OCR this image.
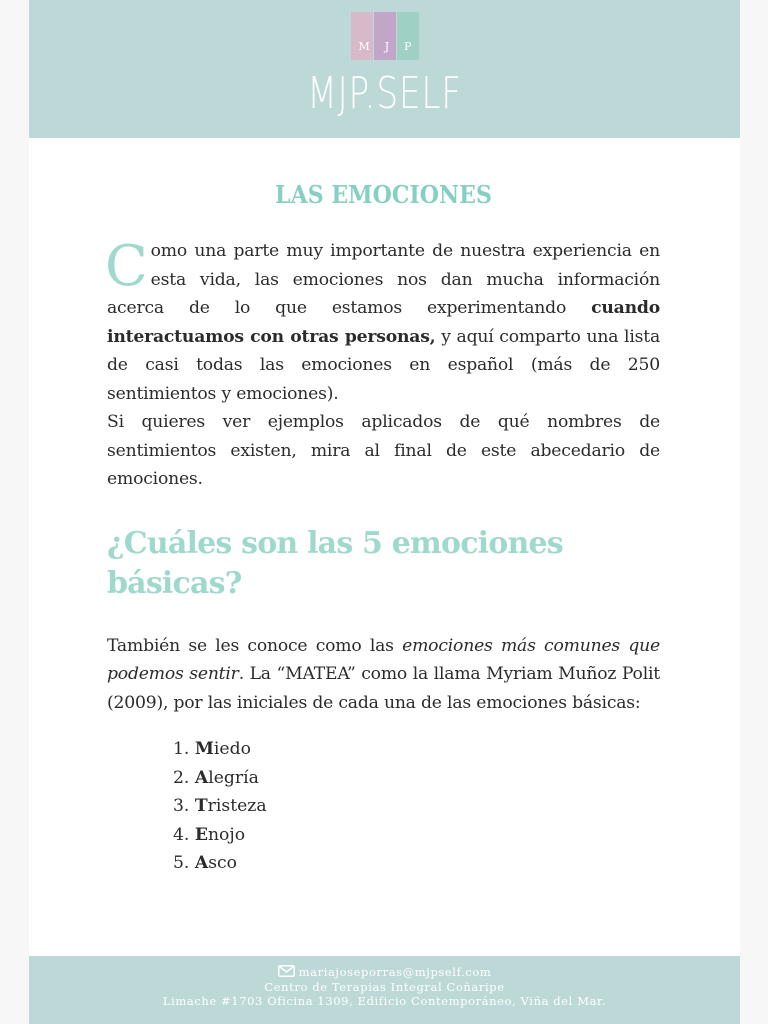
M J P
MJP.SELF
LAS EMOCIONES

Como una parte muy importante de nuestra experiencia en esta vida, las emociones nos dan mucha información acerca de lo que estamos experimentando cuando interactuamos con otras personas, y aquí comparto una lista de casi todas las emociones en español (más de 250 sentimientos y emociones).

Si quieres ver ejemplos aplicados de qué nombres de sentimientos existen, mira al final de este abecedario de emociones.

¿Cuáles son las 5 emociones básicas?

También se les conoce como las emociones más comunes que podemos sentir. La “MATEA” como la llama Myriam Muñoz Polit (2009), por las iniciales de cada una de las emociones básicas:

1. Miedo
2. Alegría
3. Tristeza
4. Enojo
5. Asco
mariajoseporras@mjpself.com
Centro de Terapias Integral Coñaripe
Limache #1703 Oficina 1309, Edificio Contemporáneo, Viña del Mar.
